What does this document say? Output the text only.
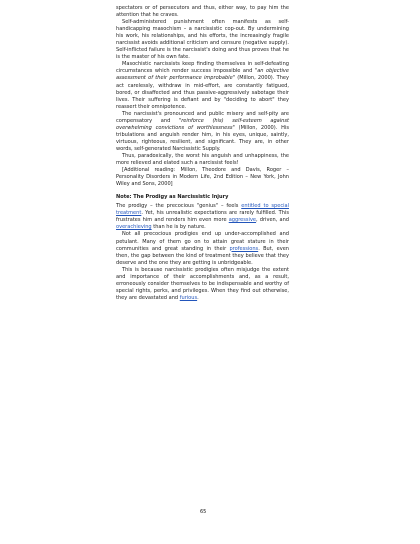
spectators or of persecutors and thus, either way, to pay him the attention that he craves.

Self-administered punishment often manifests as self-handicapping masochism – a narcissistic cop-out. By undermining his work, his relationships, and his efforts, the increasingly fragile narcissist avoids additional criticism and censure (negative supply). Self-inflicted failure is the narcissist's doing and thus proves that he is the master of his own fate.

Masochistic narcissists keep finding themselves in self-defeating circumstances which render success impossible and "an objective assessment of their performance improbable" (Millon, 2000). They act carelessly, withdraw in mid-effort, are constantly fatigued, bored, or disaffected and thus passive-aggressively sabotage their lives. Their suffering is defiant and by "deciding to abort" they reassert their omnipotence.

The narcissist's pronounced and public misery and self-pity are compensatory and "reinforce (his) self-esteem against overwhelming convictions of worthlessness" (Millon, 2000). His tribulations and anguish render him, in his eyes, unique, saintly, virtuous, righteous, resilient, and significant. They are, in other words, self-generated Narcissistic Supply.

Thus, paradoxically, the worst his anguish and unhappiness, the more relieved and elated such a narcissist feels!

[Additional reading: Millon, Theodore and Davis, Roger – Personality Disorders in Modern Life, 2nd Edition – New York, John Wiley and Sons, 2000]

Note: The Prodigy as Narcissistic Injury

The prodigy – the precocious "genius" – feels entitled to special treatment. Yet, his unrealistic expectations are rarely fulfilled. This frustrates him and renders him even more aggressive, driven, and overachieving than he is by nature.

Not all precocious prodigies end up under-accomplished and petulant. Many of them go on to attain great stature in their communities and great standing in their professions. But, even then, the gap between the kind of treatment they believe that they deserve and the one they are getting is unbridgeable.

This is because narcissistic prodigies often misjudge the extent and importance of their accomplishments and, as a result, erroneously consider themselves to be indispensable and worthy of special rights, perks, and privileges. When they find out otherwise, they are devastated and furious.

65
